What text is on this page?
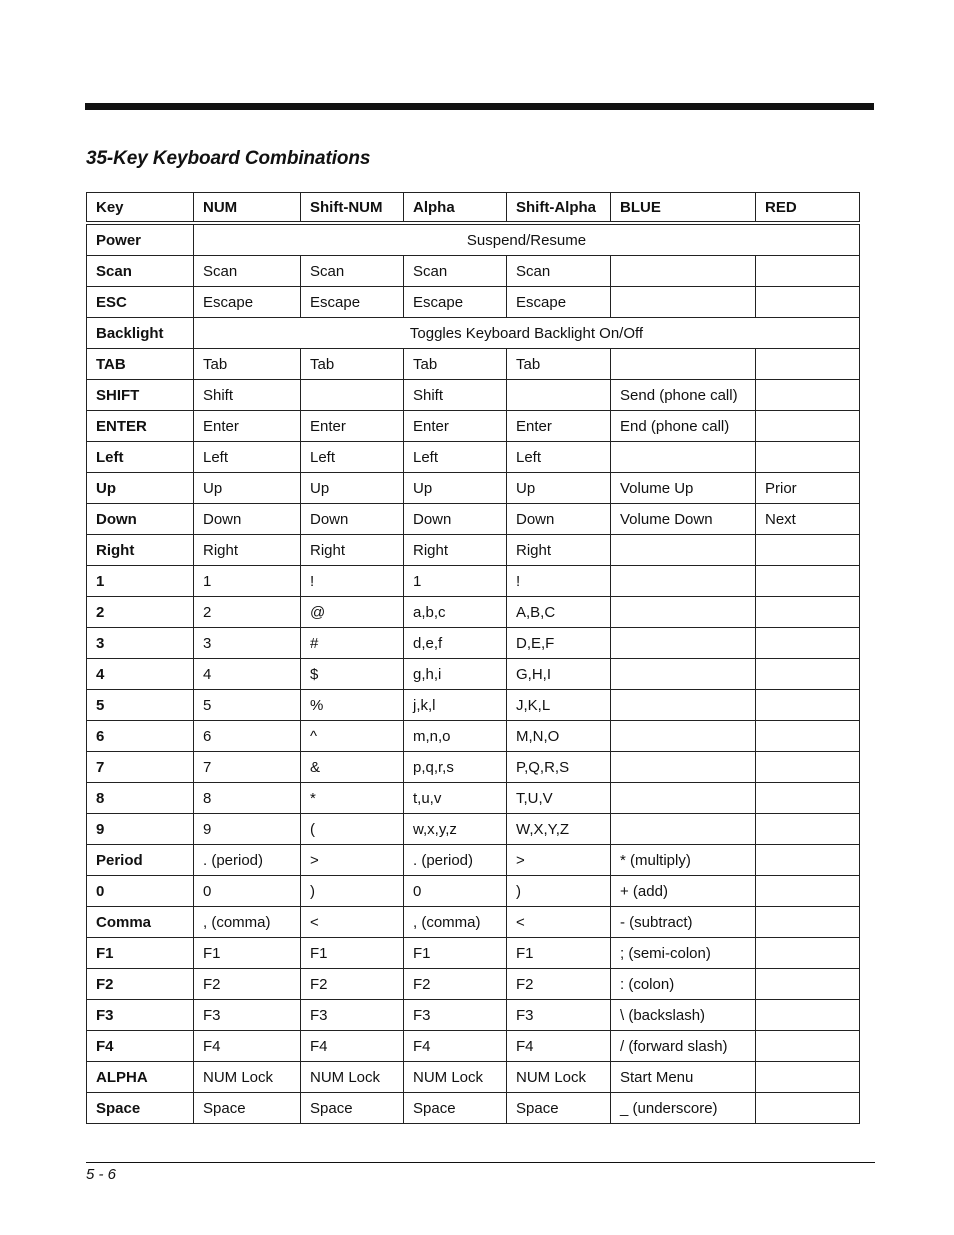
35-Key Keyboard Combinations
Key	NUM	Shift-NUM	Alpha	Shift-Alpha	BLUE	RED
Power	Suspend/Resume					
Scan	Scan	Scan	Scan	Scan		
ESC	Escape	Escape	Escape	Escape		
Backlight	Toggles Keyboard Backlight On/Off					
TAB	Tab	Tab	Tab	Tab		
SHIFT	Shift		Shift		Send (phone call)	
ENTER	Enter	Enter	Enter	Enter	End (phone call)	
Left	Left	Left	Left	Left		
Up	Up	Up	Up	Up	Volume Up	Prior
Down	Down	Down	Down	Down	Volume Down	Next
Right	Right	Right	Right	Right		
1	1	!	1	!		
2	2	@	a,b,c	A,B,C		
3	3	#	d,e,f	D,E,F		
4	4	$	g,h,i	G,H,I		
5	5	%	j,k,l	J,K,L		
6	6	^	m,n,o	M,N,O		
7	7	&	p,q,r,s	P,Q,R,S		
8	8	*	t,u,v	T,U,V		
9	9	(	w,x,y,z	W,X,Y,Z		
Period	. (period)	>	. (period)	>	* (multiply)	
0	0	)	0	)	+ (add)	
Comma	, (comma)	<	, (comma)	<	- (subtract)	
F1	F1	F1	F1	F1	; (semi-colon)	
F2	F2	F2	F2	F2	: (colon)	
F3	F3	F3	F3	F3	\ (backslash)	
F4	F4	F4	F4	F4	/ (forward slash)	
ALPHA	NUM Lock	NUM Lock	NUM Lock	NUM Lock	Start Menu	
Space	Space	Space	Space	Space	_ (underscore)	
5 - 6
